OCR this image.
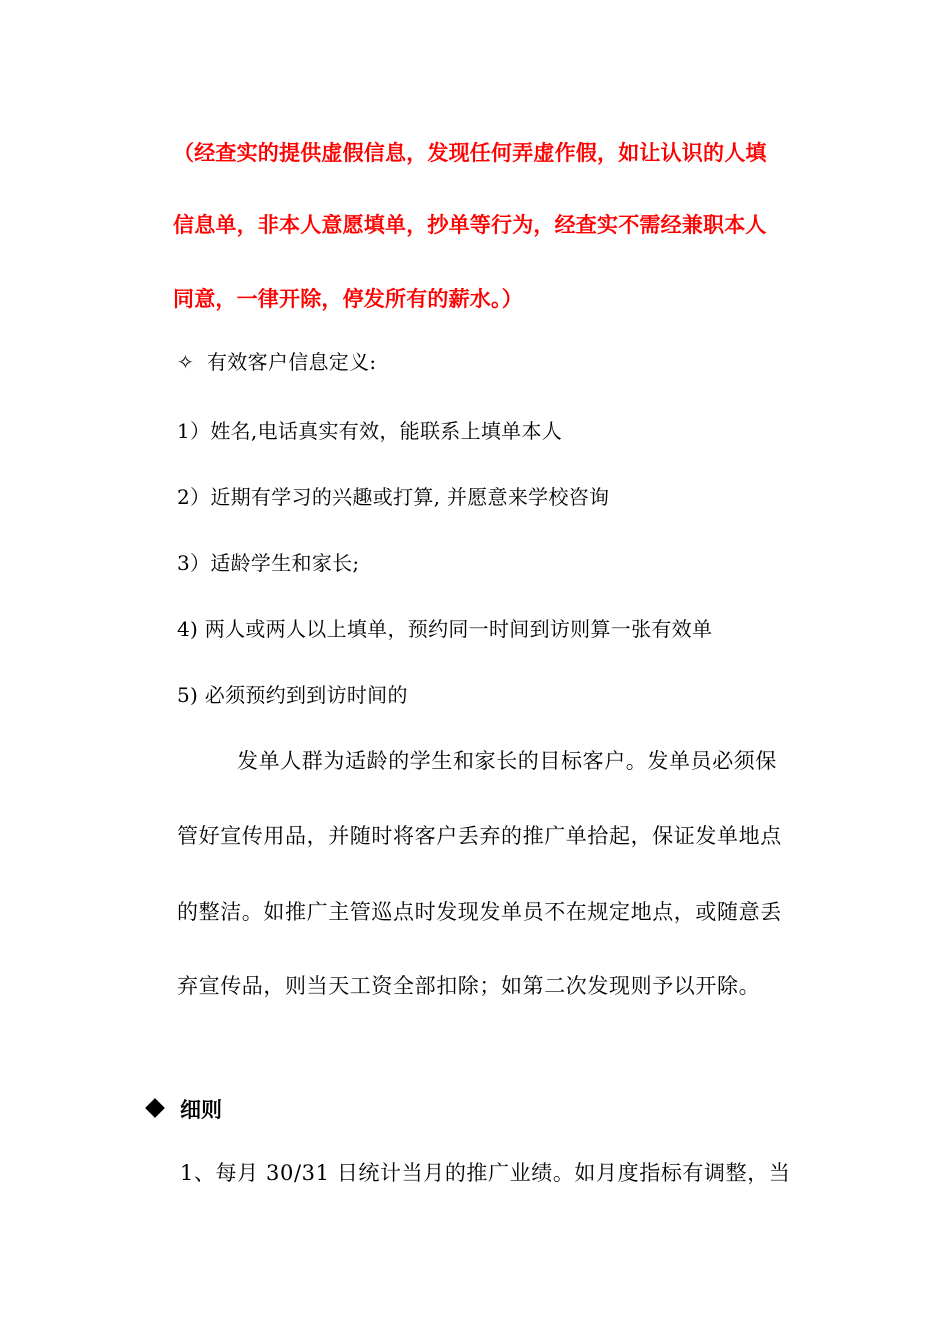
（经查实的提供虚假信息，发现任何弄虚作假，如让认识的人填
信息单，非本人意愿填单，抄单等行为，经查实不需经兼职本人
同意，一律开除，停发所有的薪水。）
✧ 有效客户信息定义:
1）姓名,电话真实有效，能联系上填单本人
2）近期有学习的兴趣或打算, 并愿意来学校咨询
3）适龄学生和家长;
4) 两人或两人以上填单，预约同一时间到访则算一张有效单
5) 必须预约到到访时间的
发单人群为适龄的学生和家长的目标客户。发单员必须保
管好宣传用品，并随时将客户丢弃的推广单拾起，保证发单地点
的整洁。如推广主管巡点时发现发单员不在规定地点，或随意丢
弃宣传品，则当天工资全部扣除；如第二次发现则予以开除。
细则
1、每月 30/31 日统计当月的推广业绩。如月度指标有调整，当
